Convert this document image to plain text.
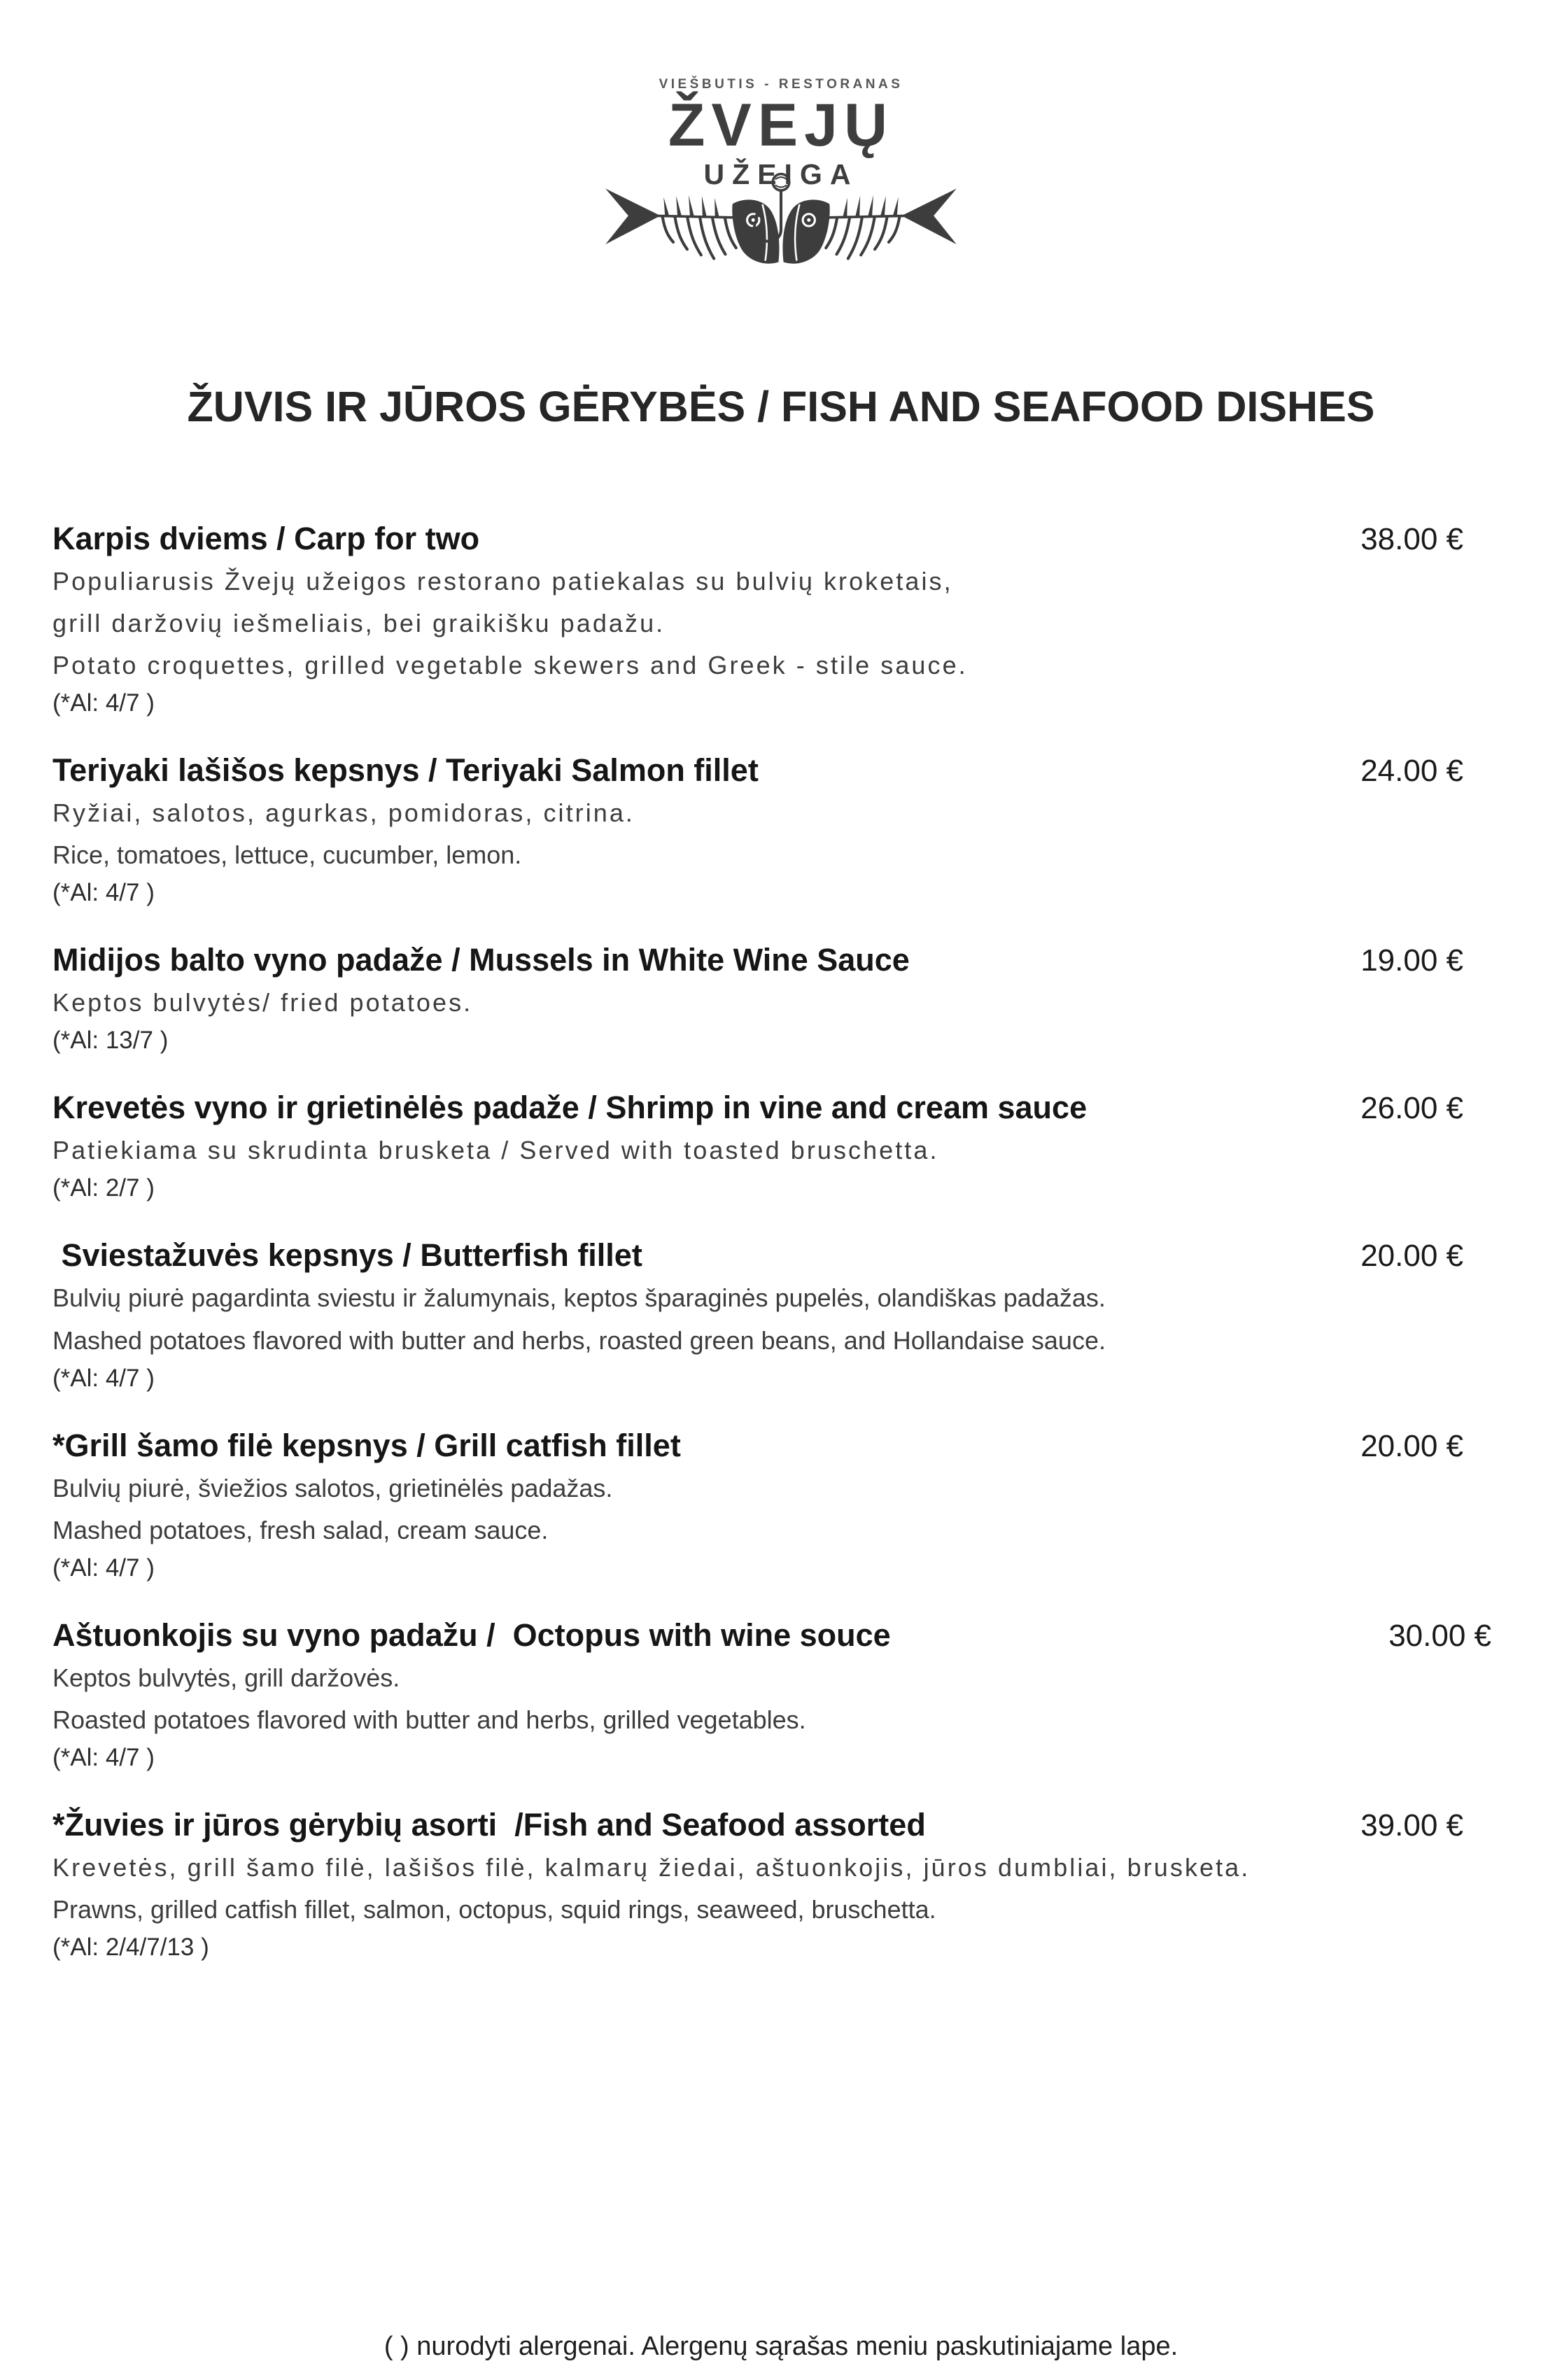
VIEŠBUTIS - RESTORANAS
ŽVEJŲ
UŽEIGA
ŽUVIS IR JŪROS GĖRYBĖS / FISH AND SEAFOOD DISHES
Karpis dviems / Carp for two	38.00 €

Populiarusis Žvejų užeigos restorano patiekalas su bulvių kroketais,

grill daržovių iešmeliais, bei graikišku padažu.

Potato croquettes, grilled vegetable skewers and Greek - stile sauce.

(*Al: 4/7 )

Teriyaki lašišos kepsnys / Teriyaki Salmon fillet	24.00 €

Ryžiai, salotos, agurkas, pomidoras, citrina.

Rice, tomatoes, lettuce, cucumber, lemon.

(*Al: 4/7 )

Midijos balto vyno padaže / Mussels in White Wine Sauce	19.00 €

Keptos bulvytės/ fried potatoes.

(*Al: 13/7 )

Krevetės vyno ir grietinėlės padaže / Shrimp in vine and cream sauce	26.00 €

Patiekiama su skrudinta brusketa / Served with toasted bruschetta.

(*Al: 2/7 )

Sviestažuvės kepsnys / Butterfish fillet	20.00 €

Bulvių piurė pagardinta sviestu ir žalumynais, keptos šparaginės pupelės, olandiškas padažas.

Mashed potatoes flavored with butter and herbs, roasted green beans, and Hollandaise sauce.

(*Al: 4/7 )

*Grill šamo filė kepsnys / Grill catfish fillet	20.00 €

Bulvių piurė, šviežios salotos, grietinėlės padažas.

Mashed potatoes, fresh salad, cream sauce.

(*Al: 4/7 )

Aštuonkojis su vyno padažu /  Octopus with wine souce	30.00 €

Keptos bulvytės, grill daržovės.

Roasted potatoes flavored with butter and herbs, grilled vegetables.

(*Al: 4/7 )

*Žuvies ir jūros gėrybių asorti  /Fish and Seafood assorted	39.00 €

Krevetės, grill šamo filė, lašišos filė, kalmarų žiedai, aštuonkojis, jūros dumbliai, brusketa.

Prawns, grilled catfish fillet, salmon, octopus, squid rings, seaweed, bruschetta.

(*Al: 2/4/7/13 )

( ) nurodyti alergenai. Alergenų sąrašas meniu paskutiniajame lape.
